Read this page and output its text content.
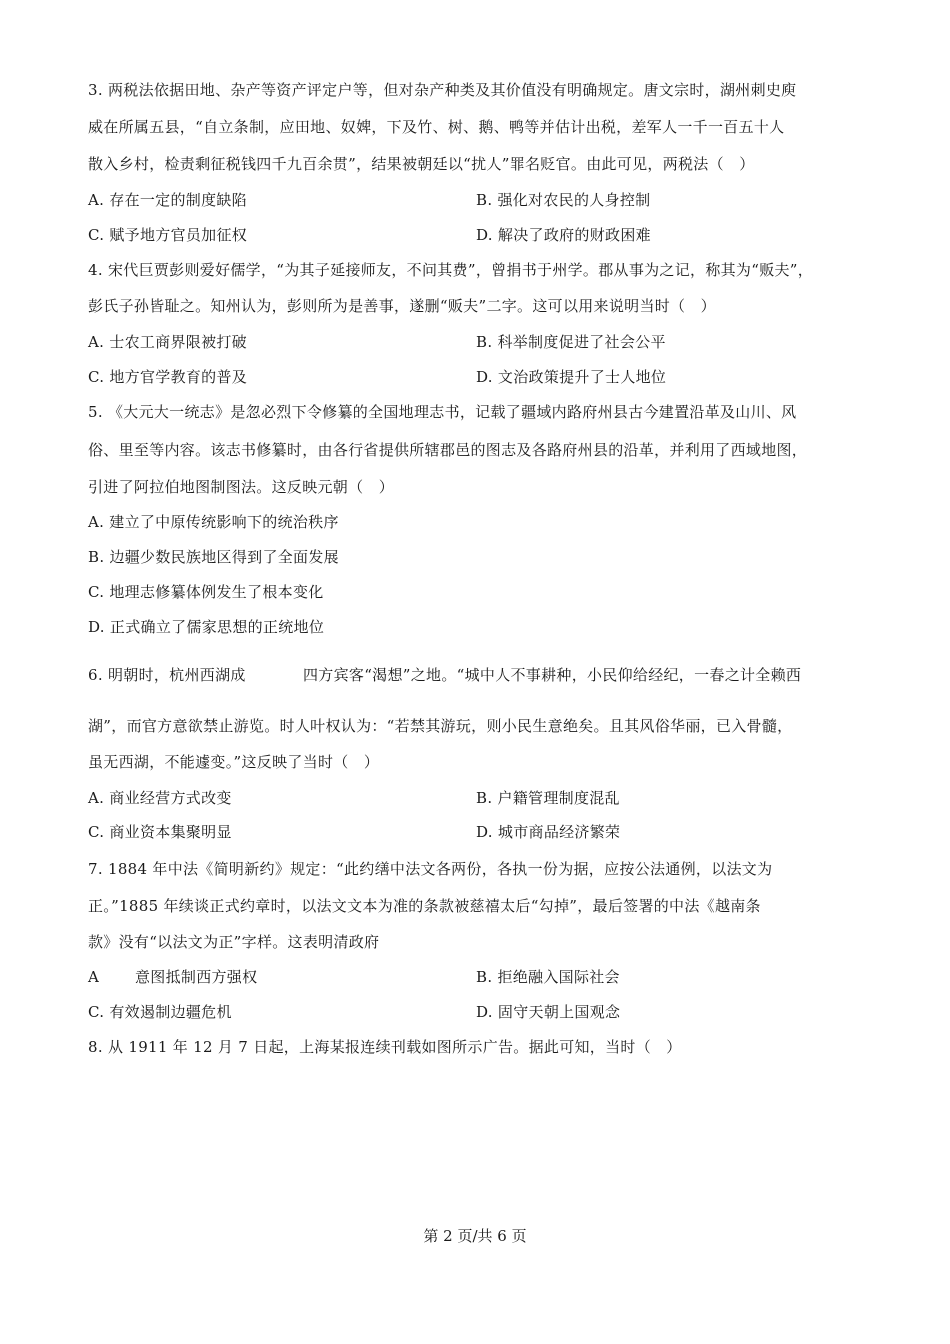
3. 两税法依据田地、杂产等资产评定户等，但对杂产种类及其价值没有明确规定。唐文宗时，湖州刺史庾
威在所属五县，“自立条制，应田地、奴婢，下及竹、树、鹅、鸭等并估计出税，差军人一千一百五十人
散入乡村，检责剩征税钱四千九百余贯”，结果被朝廷以“扰人”罪名贬官。由此可见，两税法（　）
A. 存在一定的制度缺陷	B. 强化对农民的人身控制
C. 赋予地方官员加征权	D. 解决了政府的财政困难
4. 宋代巨贾彭则爱好儒学，“为其子延接师友，不问其费”，曾捐书于州学。郡从事为之记，称其为“贩夫”，
彭氏子孙皆耻之。知州认为，彭则所为是善事，遂删“贩夫”二字。这可以用来说明当时（　）
A. 士农工商界限被打破	B. 科举制度促进了社会公平
C. 地方官学教育的普及	D. 文治政策提升了士人地位
5. 《大元大一统志》是忽必烈下令修纂的全国地理志书，记载了疆域内路府州县古今建置沿革及山川、风
俗、里至等内容。该志书修纂时，由各行省提供所辖郡邑的图志及各路府州县的沿革，并利用了西域地图，
引进了阿拉伯地图制图法。这反映元朝（　）
A. 建立了中原传统影响下的统治秩序
B. 边疆少数民族地区得到了全面发展
C. 地理志修纂体例发生了根本变化
D. 正式确立了儒家思想的正统地位
6. 明朝时，杭州西湖成	四方宾客“渴想”之地。“城中人不事耕种，小民仰给经纪，一春之计全赖西
湖”，而官方意欲禁止游览。时人叶权认为：“若禁其游玩，则小民生意绝矣。且其风俗华丽，已入骨髓，
虽无西湖，不能遽变。”这反映了当时（　）
A. 商业经营方式改变	B. 户籍管理制度混乱
C. 商业资本集聚明显	D. 城市商品经济繁荣
7. 1884 年中法《简明新约》规定：“此约缮中法文各两份，各执一份为据，应按公法通例，以法文为
正。”1885 年续谈正式约章时，以法文文本为准的条款被慈禧太后“勾掉”，最后签署的中法《越南条
款》没有“以法文为正”字样。这表明清政府
A 意图抵制西方强权	B. 拒绝融入国际社会
C. 有效遏制边疆危机	D. 固守天朝上国观念
8. 从 1911 年 12 月 7 日起，上海某报连续刊载如图所示广告。据此可知，当时（　）
第 2 页/共 6 页
